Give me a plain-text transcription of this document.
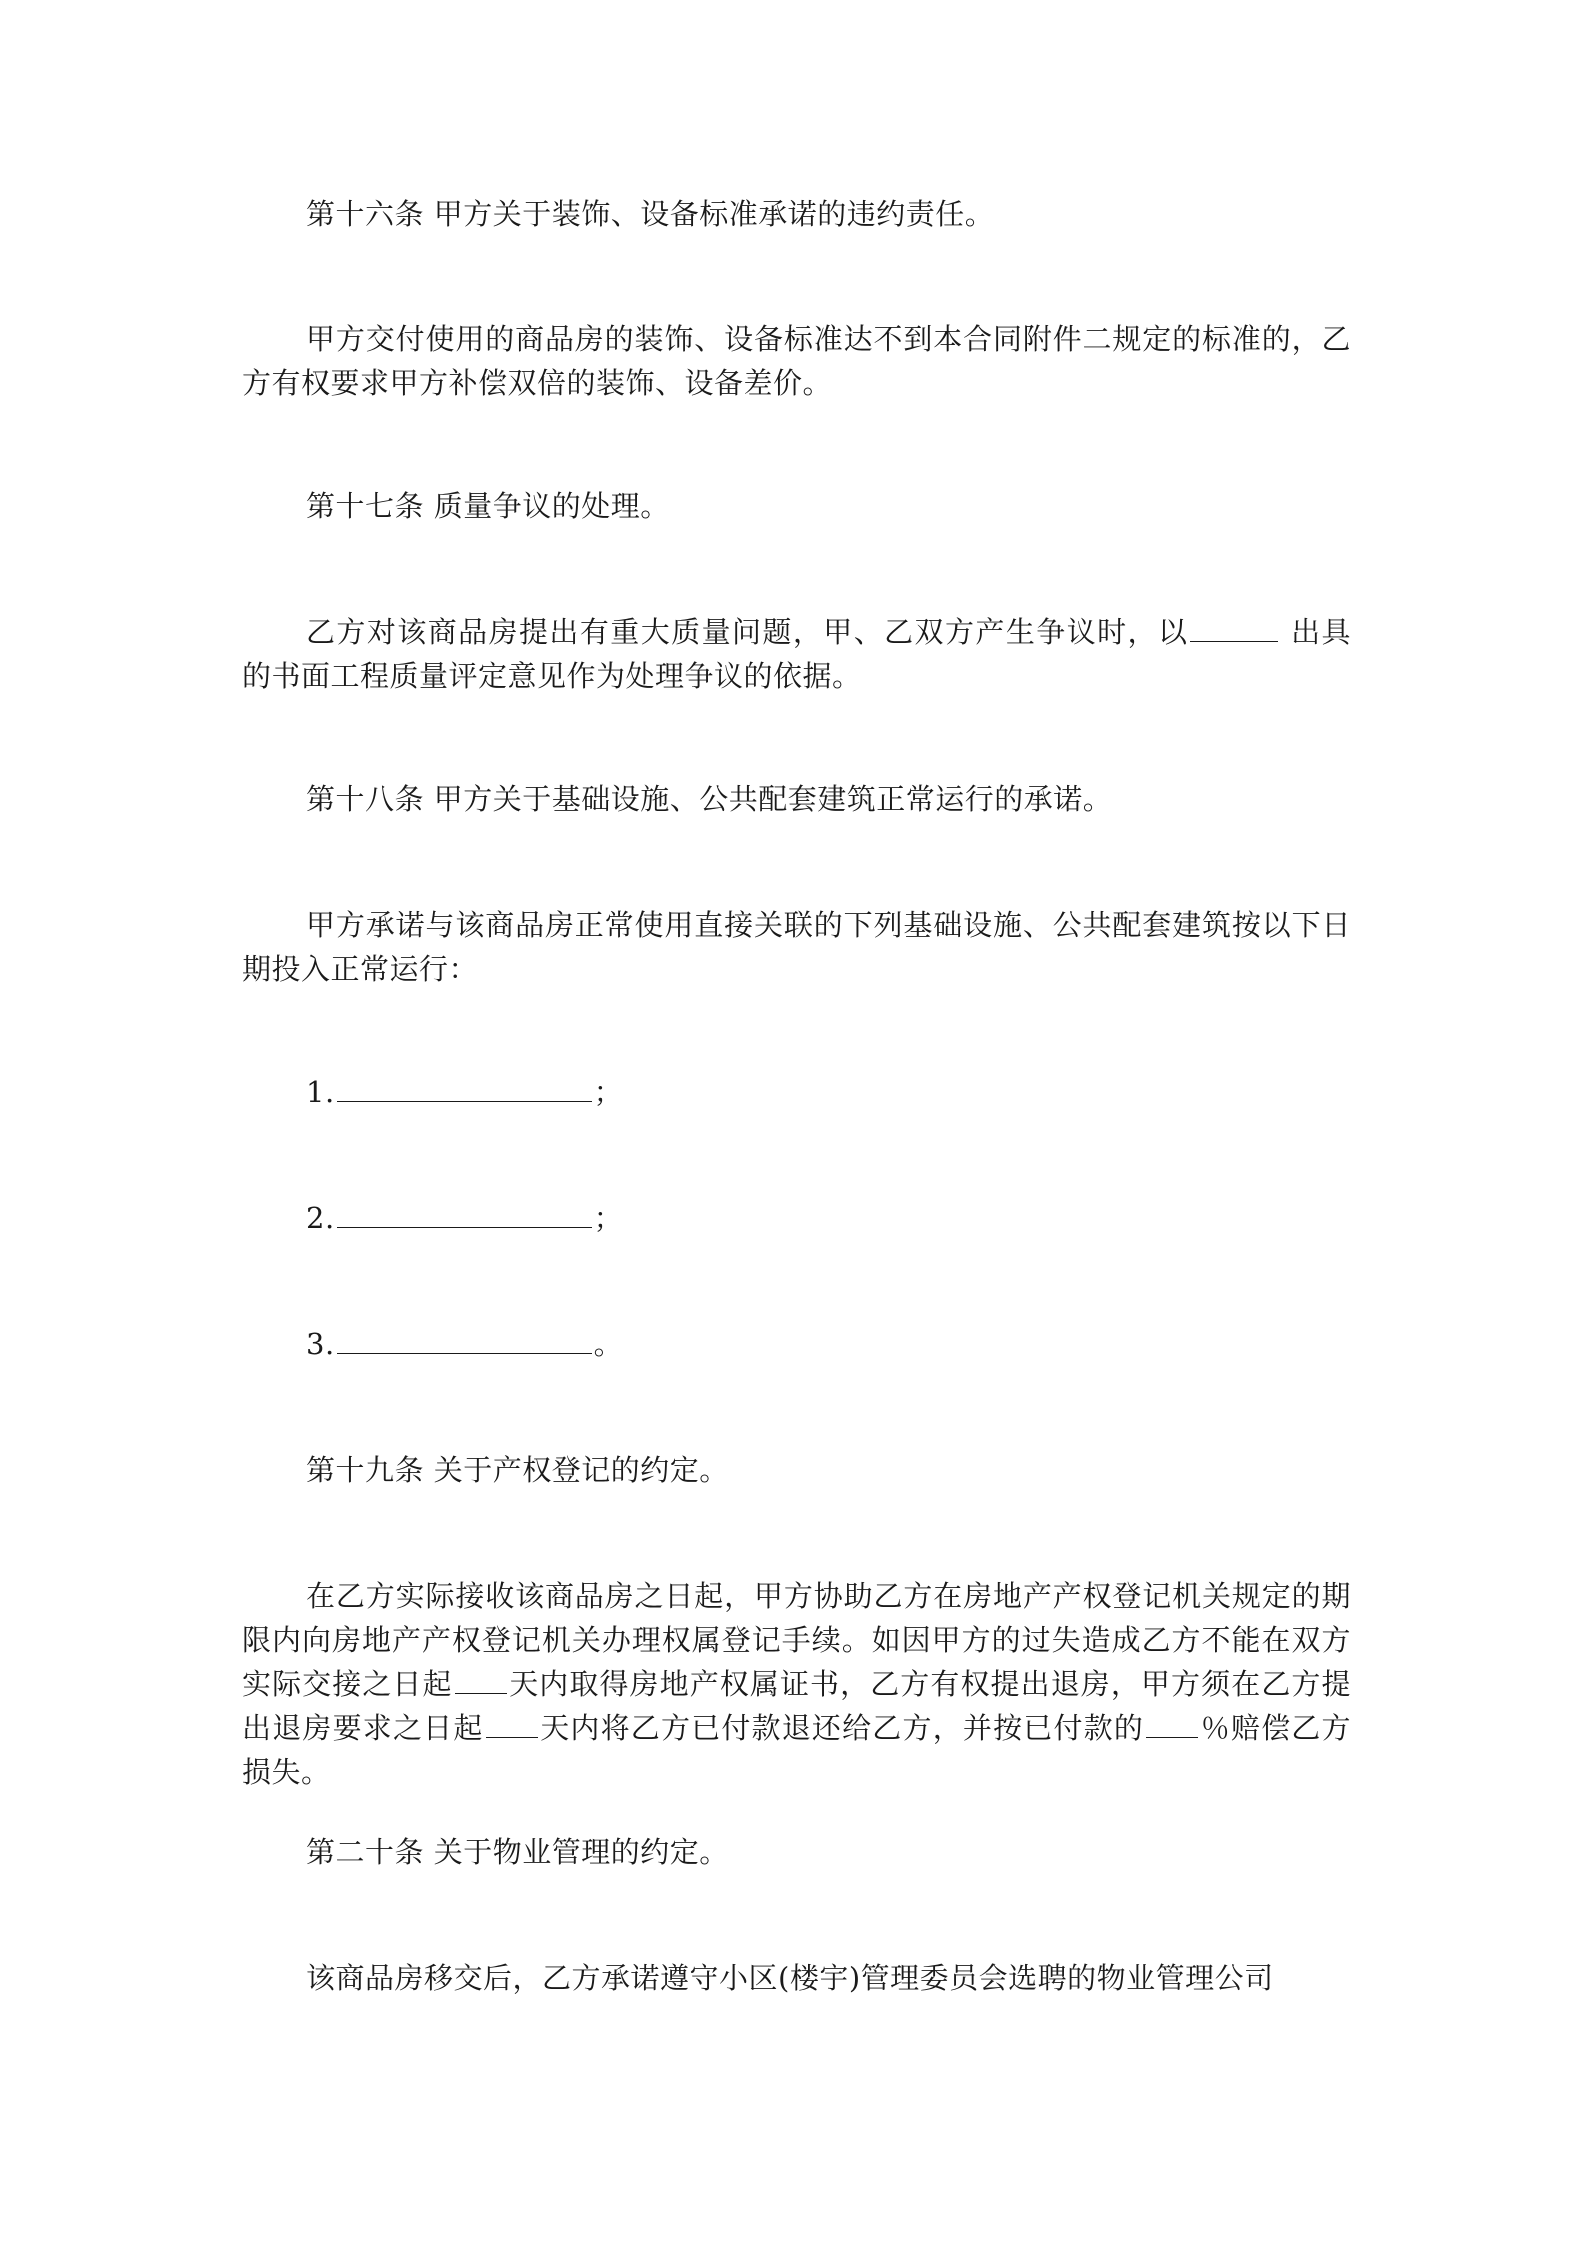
第十六条 甲方关于装饰、设备标准承诺的违约责任。
甲方交付使用的商品房的装饰、设备标准达不到本合同附件二规定的标准的，乙方有权要求甲方补偿双倍的装饰、设备差价。
第十七条 质量争议的处理。
乙方对该商品房提出有重大质量问题，甲、乙双方产生争议时，以	出具的书面工程质量评定意见作为处理争议的依据。
第十八条 甲方关于基础设施、公共配套建筑正常运行的承诺。
甲方承诺与该商品房正常使用直接关联的下列基础设施、公共配套建筑按以下日期投入正常运行：
1.	；
2.	；
3.	。
第十九条 关于产权登记的约定。
在乙方实际接收该商品房之日起，甲方协助乙方在房地产产权登记机关规定的期限内向房地产产权登记机关办理权属登记手续。如因甲方的过失造成乙方不能在双方实际交接之日起 天内取得房地产权属证书，乙方有权提出退房，甲方须在乙方提出退房要求之日起 天内将乙方已付款退还给乙方，并按已付款的 ％赔偿乙方损失。
第二十条 关于物业管理的约定。
该商品房移交后，乙方承诺遵守小区(楼宇)管理委员会选聘的物业管理公司
